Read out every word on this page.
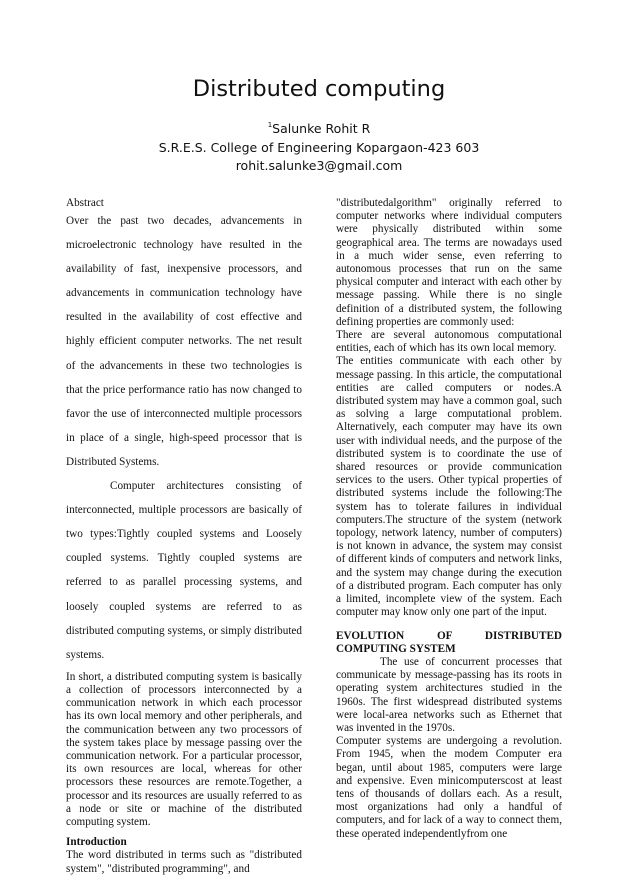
Distributed computing
$^1$Salunke Rohit R
S.R.E.S. College of Engineering Kopargaon-423 603
rohit.salunke3@gmail.com

Abstract

Over the past two decades, advancements in microelectronic technology have resulted in the availability of fast, inexpensive processors, and advancements in communication technology have resulted in the availability of cost effective and highly efficient computer networks. The net result of the advancements in these two technologies is that the price performance ratio has now changed to favor the use of interconnected multiple processors in place of a single, high-speed processor that is Distributed Systems.

Computer architectures consisting of interconnected, multiple processors are basically of two types:Tightly coupled systems and Loosely coupled systems. Tightly coupled systems are referred to as parallel processing systems, and loosely coupled systems are referred to as distributed computing systems, or simply distributed systems.

In short, a distributed computing system is basically a collection of processors interconnected by a communication network in which each processor has its own local memory and other peripherals, and the communication between any two processors of the system takes place by message passing over the communication network. For a particular processor, its own resources are local, whereas for other processors these resources are remote.Together, a processor and its resources are usually referred to as a node or site or machine of the distributed computing system.

Introduction

The word distributed in terms such as "distributed system", "distributed programming", and

"distributedalgorithm" originally referred to computer networks where individual computers were physically distributed within some geographical area. The terms are nowadays used in a much wider sense, even referring to autonomous processes that run on the same physical computer and interact with each other by message passing. While there is no single definition of a distributed system, the following defining properties are commonly used:

There are several autonomous computational entities, each of which has its own local memory.

The entities communicate with each other by message passing. In this article, the computational entities are called computers or nodes.A distributed system may have a common goal, such as solving a large computational problem. Alternatively, each computer may have its own user with individual needs, and the purpose of the distributed system is to coordinate the use of shared resources or provide communication services to the users. Other typical properties of distributed systems include the following:The system has to tolerate failures in individual computers.The structure of the system (network topology, network latency, number of computers) is not known in advance, the system may consist of different kinds of computers and network links, and the system may change during the execution of a distributed program. Each computer has only a limited, incomplete view of the system. Each computer may know only one part of the input.

EVOLUTION OF DISTRIBUTED COMPUTING SYSTEM

The use of concurrent processes that communicate by message-passing has its roots in operating system architectures studied in the 1960s. The first widespread distributed systems were local-area networks such as Ethernet that was invented in the 1970s.

Computer systems are undergoing a revolution. From 1945, when the modem Computer era began, until about 1985, computers were large and expensive. Even minicomputerscost at least tens of thousands of dollars each. As a result, most organizations had only a handful of computers, and for lack of a way to connect them, these operated independentlyfrom one
